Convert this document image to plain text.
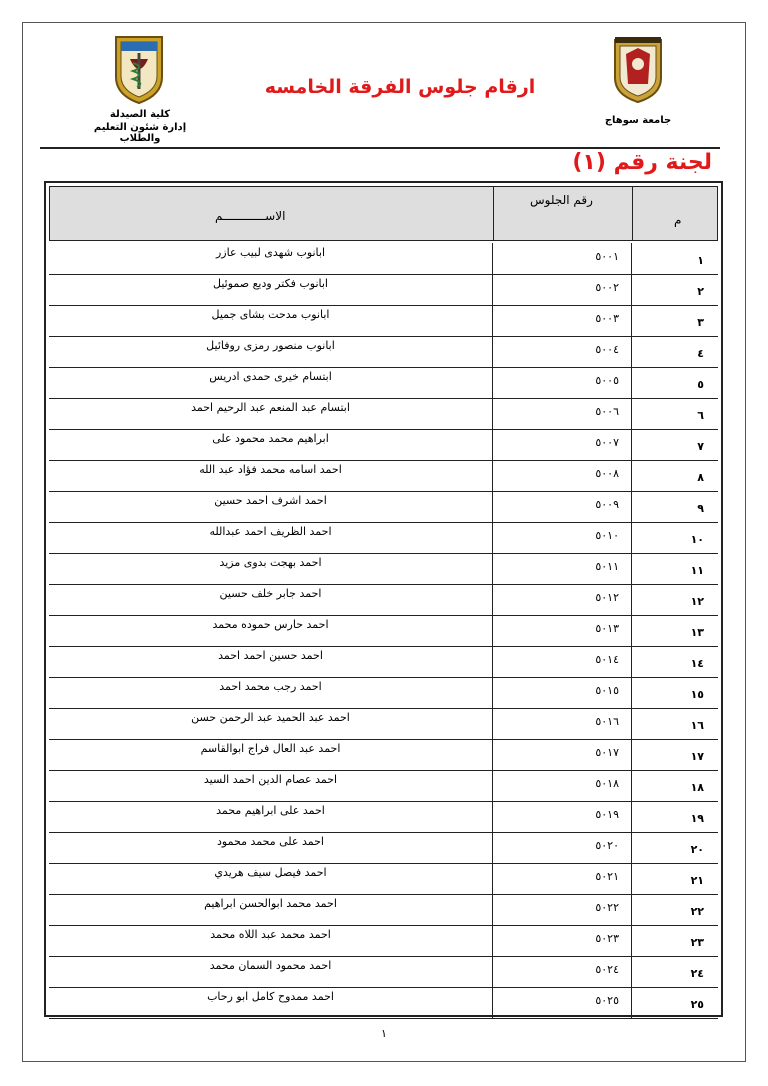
كلية الصيدلة
إدارة شئون التعليم والطلاب
جامعة سوهاج
ارقام جلوس الفرقة الخامسه
لجنة رقم (١)
الاســــــــــــم
رقم الجلوس
م
ابانوب شهدى لبيب عازر	٥٠٠١	١
ابانوب فكتر وديع صموئيل	٥٠٠٢	٢
ابانوب مدحت بشاى جميل	٥٠٠٣	٣
ابانوب منصور رمزى روفائيل	٥٠٠٤	٤
ابتسام خيرى حمدى ادريس	٥٠٠٥	٥
ابتسام عبد المنعم عبد الرحيم احمد	٥٠٠٦	٦
ابراهيم محمد محمود على	٥٠٠٧	٧
احمد اسامه محمد فؤاد عبد الله	٥٠٠٨	٨
احمد اشرف احمد حسين	٥٠٠٩	٩
احمد الظريف احمد عبدالله	٥٠١٠	١٠
احمد بهجت بدوى مزيد	٥٠١١	١١
احمد جابر خلف حسين	٥٠١٢	١٢
احمد حارس حموده محمد	٥٠١٣	١٣
احمد حسين احمد احمد	٥٠١٤	١٤
احمد رجب محمد احمد	٥٠١٥	١٥
احمد عبد الحميد عبد الرحمن حسن	٥٠١٦	١٦
احمد عبد العال فراج ابوالقاسم	٥٠١٧	١٧
احمد عصام الدين احمد السيد	٥٠١٨	١٨
احمد على ابراهيم محمد	٥٠١٩	١٩
احمد على محمد محمود	٥٠٢٠	٢٠
احمد فيصل سيف هريدي	٥٠٢١	٢١
احمد محمد ابوالحسن ابراهيم	٥٠٢٢	٢٢
احمد محمد عبد اللاه محمد	٥٠٢٣	٢٣
احمد محمود السمان محمد	٥٠٢٤	٢٤
احمد ممدوح كامل ابو رحاب	٥٠٢٥	٢٥
١
